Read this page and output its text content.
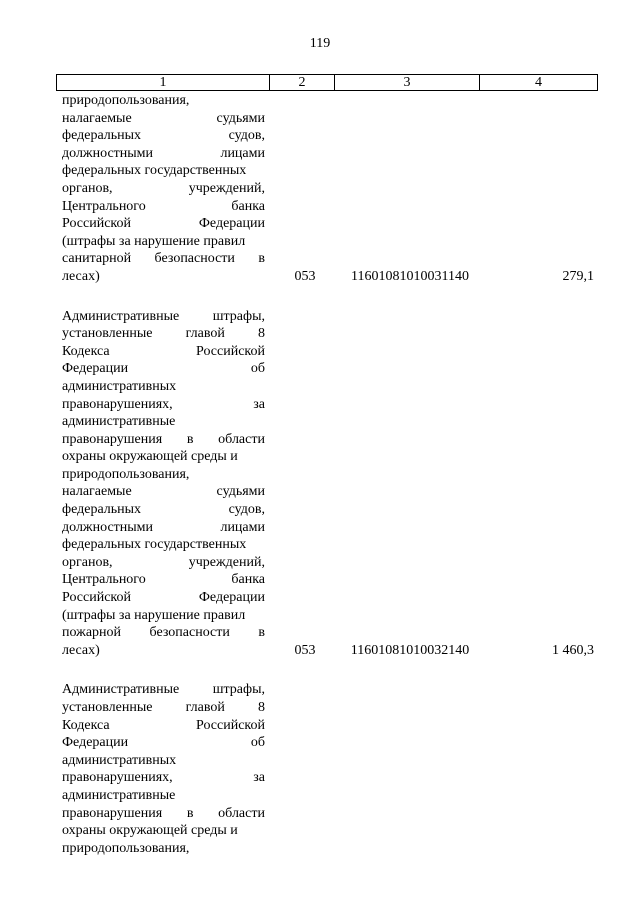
119
1	2	3	4
природопользования,
налагаемые	судьями
федеральных	судов,
должностными	лицами
федеральных государственных
органов,	учреждений,
Центрального	банка
Российской	Федерации
(штрафы за нарушение правил
санитарной безопасности в
лесах)	053	11601081010031140	279,1
Административные штрафы,
установленные главой 8
Кодекса	Российской
Федерации	об
административных
правонарушениях,	за
административные
правонарушения в области
охраны окружающей среды и
природопользования,
налагаемые	судьями
федеральных	судов,
должностными	лицами
федеральных государственных
органов,	учреждений,
Центрального	банка
Российской	Федерации
(штрафы за нарушение правил
пожарной безопасности в
лесах)	053	11601081010032140	1 460,3
Административные штрафы,
установленные главой 8
Кодекса	Российской
Федерации	об
административных
правонарушениях,	за
административные
правонарушения в области
охраны окружающей среды и
природопользования,
